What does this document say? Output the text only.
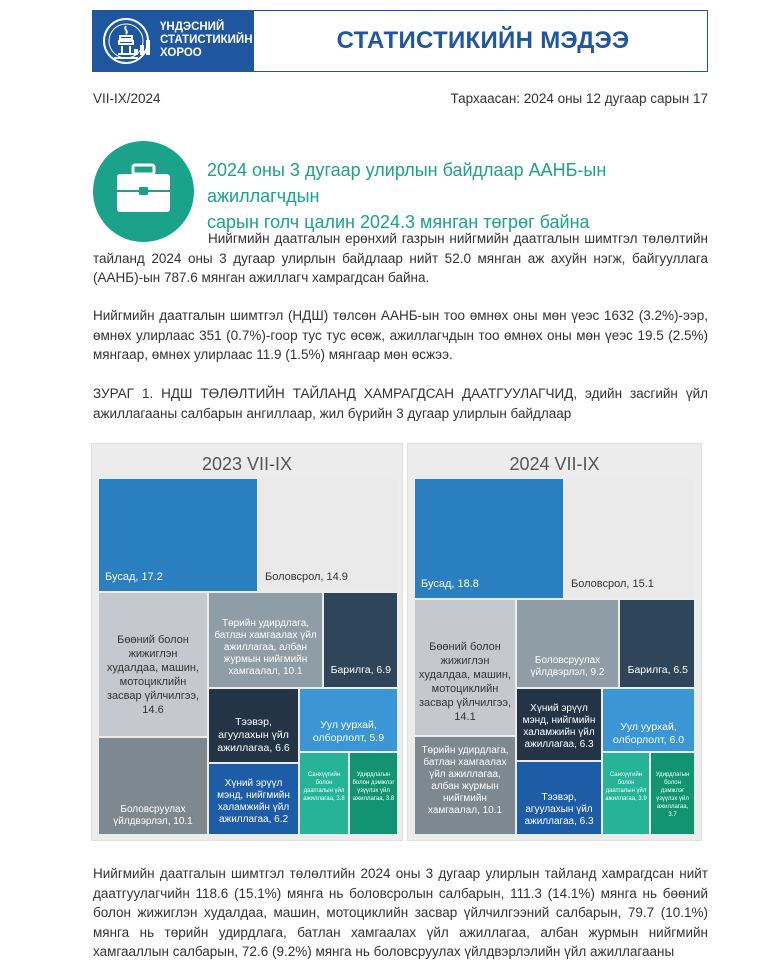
ҮНДЭСНИЙ
СТАТИСТИКИЙН
ХОРОО	СТАТИСТИКИЙН МЭДЭЭ
VII-IX/2024	Тархаасан: 2024 оны 12 дугаар сарын 17
2024 оны 3 дугаар улирлын байдлаар ААНБ-ын ажиллагчдын
сарын голч цалин 2024.3 мянган төгрөг байна
Нийгмийн даатгалын ерөнхий газрын нийгмийн даатгалын шимтгэл төлөлтийн тайланд 2024 оны 3 дугаар улирлын байдлаар нийт 52.0 мянган аж ахуйн нэгж, байгууллага (ААНБ)-ын 787.6 мянган ажиллагч хамрагдсан байна.
Нийгмийн даатгалын шимтгэл (НДШ) төлсөн ААНБ-ын тоо өмнөх оны мөн үеэс 1632 (3.2%)-ээр, өмнөх улирлаас 351 (0.7%)-гоор тус тус өсөж, ажиллагчдын тоо өмнөх оны мөн үеэс 19.5 (2.5%) мянгаар, өмнөх улирлаас 11.9 (1.5%) мянгаар мөн өсжээ.
ЗУРАГ 1. НДШ ТӨЛӨЛТИЙН ТАЙЛАНД ХАМРАГДСАН ДААТГУУЛАГЧИД, эдийн засгийн үйл ажиллагааны салбарын ангиллаар, жил бүрийн 3 дугаар улирлын байдлаар
2023 VII-IX
Бусад, 17.2	Боловсрол, 14.9
Бөөний болон жижиглэн худалдаа, машин, мотоциклийн засвар үйлчилгээ, 14.6
Төрийн удирдлага, батлан хамгаалах үйл ажиллагаа, албан журмын нийгмийн хамгаалал, 10.1	Барилга, 6.9
Тээвэр, агуулахын үйл ажиллагаа, 6.6
Уул уурхай, олборлолт, 5.9
Боловсруулах үйлдвэрлэл, 10.1
Хүний эрүүл мэнд, нийгмийн халамжийн үйл ажиллагаа, 6.2
Санхүүгийн болон даатгалын үйл ажиллагаа, 3.8
Удирдлагын болон дэмжлэг үзүүлэх үйл ажиллагаа, 3.8
2024 VII-IX
Бусад, 18.8	Боловсрол, 15.1
Бөөний болон жижиглэн худалдаа, машин, мотоциклийн засвар үйлчилгээ, 14.1
Боловсруулах үйлдвэрлэл, 9.2	Барилга, 6.5
Хүний эрүүл мэнд, нийгмийн халамжийн үйл ажиллагаа, 6.3
Уул уурхай, олборлолт, 6.0
Төрийн удирдлага, батлан хамгаалах үйл ажиллагаа, албан журмын нийгмийн хамгаалал, 10.1
Тээвэр, агуулахын үйл ажиллагаа, 6.3
Санхүүгийн болон даатгалын үйл ажиллагаа, 3.9
Удирдлагын болон дэмжлэг үзүүлэх үйл ажиллагаа, 3.7
Нийгмийн даатгалын шимтгэл төлөлтийн 2024 оны 3 дугаар улирлын тайланд хамрагдсан нийт даатгуулагчийн 118.6 (15.1%) мянга нь боловсролын салбарын, 111.3 (14.1%) мянга нь бөөний болон жижиглэн худалдаа, машин, мотоциклийн засвар үйлчилгээний салбарын, 79.7 (10.1%) мянга нь төрийн удирдлага, батлан хамгаалах үйл ажиллагаа, албан журмын нийгмийн хамгааллын салбарын, 72.6 (9.2%) мянга нь боловсруулах үйлдвэрлэлийн үйл ажиллагааны
